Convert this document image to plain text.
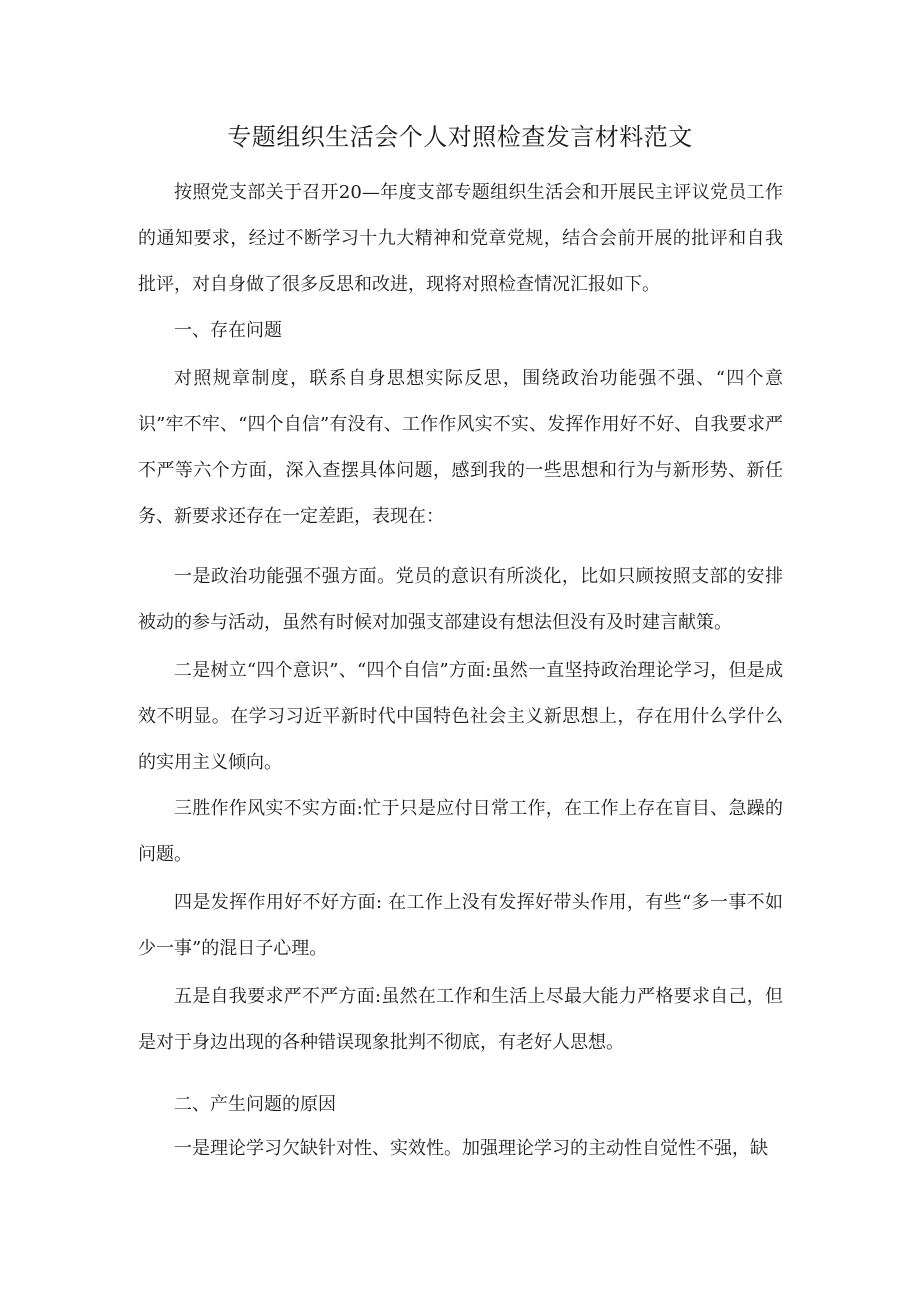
专题组织生活会个人对照检查发言材料范文

按照党支部关于召开20—年度支部专题组织生活会和开展民主评议党员工作的通知要求，经过不断学习十九大精神和党章党规，结合会前开展的批评和自我批评，对自身做了很多反思和改进，现将对照检查情况汇报如下。

一、存在问题

对照规章制度，联系自身思想实际反思，围绕政治功能强不强、“四个意识”牢不牢、“四个自信”有没有、工作作风实不实、发挥作用好不好、自我要求严不严等六个方面，深入查摆具体问题，感到我的一些思想和行为与新形势、新任务、新要求还存在一定差距，表现在：

一是政治功能强不强方面。党员的意识有所淡化，比如只顾按照支部的安排被动的参与活动，虽然有时候对加强支部建设有想法但没有及时建言献策。

二是树立“四个意识”、“四个自信”方面:虽然一直坚持政治理论学习，但是成效不明显。在学习习近平新时代中国特色社会主义新思想上，存在用什么学什么的实用主义倾向。

三胜作作风实不实方面:忙于只是应付日常工作，在工作上存在盲目、急躁的问题。

四是发挥作用好不好方面: 在工作上没有发挥好带头作用，有些“多一事不如少一事”的混日子心理。

五是自我要求严不严方面:虽然在工作和生活上尽最大能力严格要求自己，但是对于身边出现的各种错误现象批判不彻底，有老好人思想。

二、产生问题的原因

一是理论学习欠缺针对性、实效性。加强理论学习的主动性自觉性不强，缺
